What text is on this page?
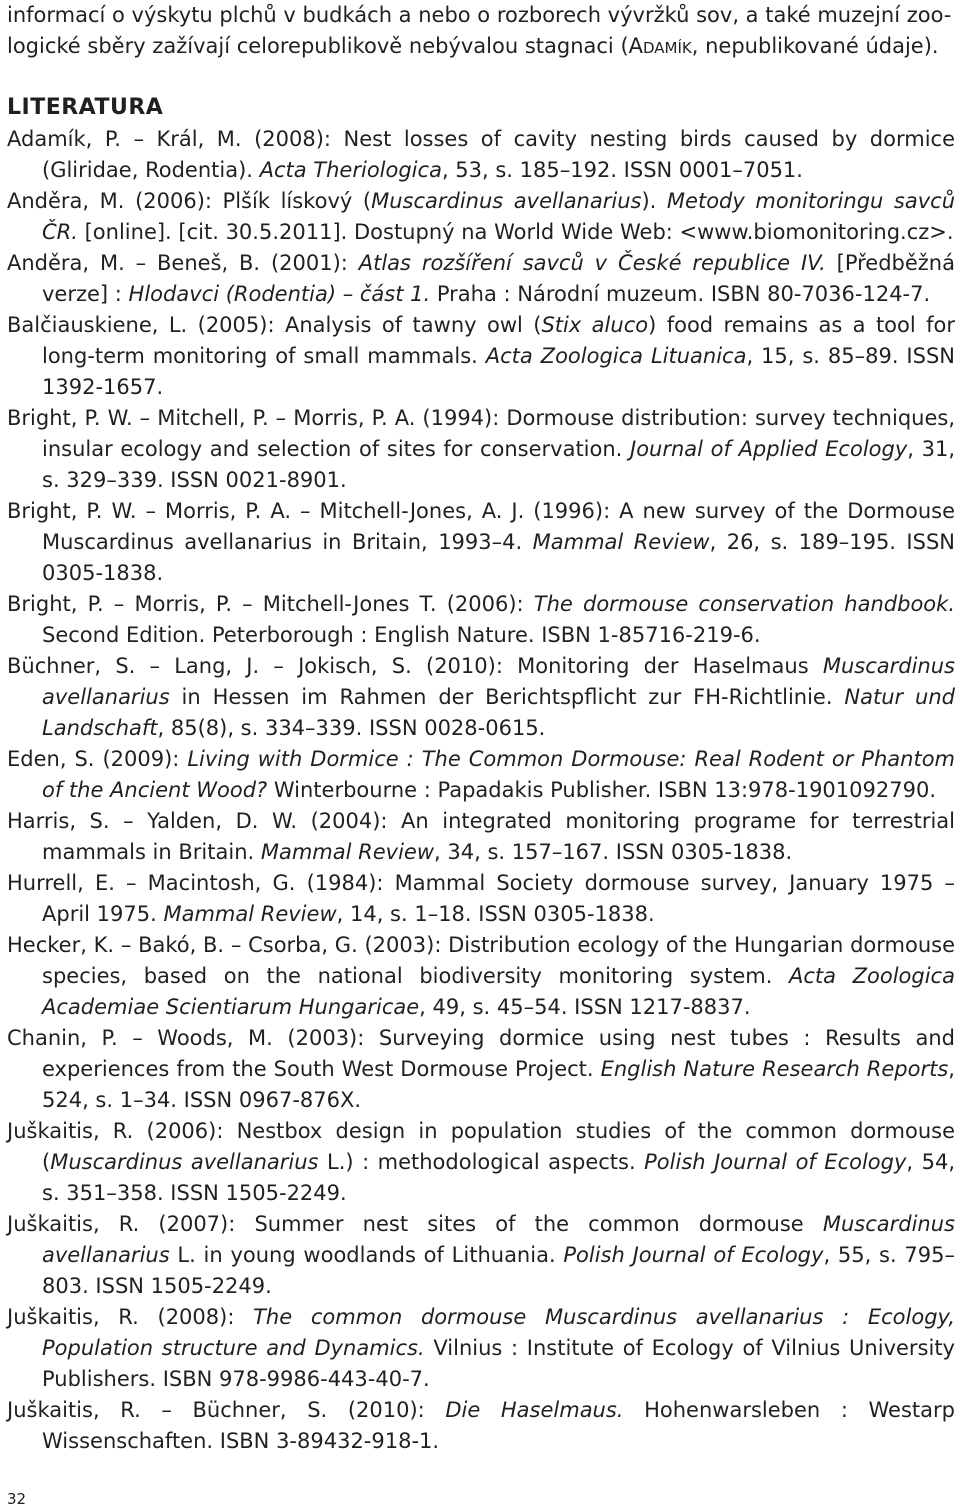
informací o výskytu plchů v budkách a nebo o rozborech vývržků sov, a také muzejní zoo-
logické sběry zažívají celorepublikově nebývalou stagnaci (Adamík, nepublikované údaje).

LITERATURA
Adamík, P. – Král, M. (2008): Nest losses of cavity nesting birds caused by dormice (Gliridae, Rodentia). Acta Theriologica, 53, s. 185–192. ISSN 0001–7051.
Anděra, M. (2006): Plšík lískový (Muscardinus avellanarius). Metody monitoringu savců ČR. [online]. [cit. 30.5.2011]. Dostupný na World Wide Web: <www.biomonitoring.cz>.
Anděra, M. – Beneš, B. (2001): Atlas rozšíření savců v České republice IV. [Předběžná verze] : Hlodavci (Rodentia) – část 1. Praha : Národní muzeum. ISBN 80-7036-124-7.
Balčiauskiene, L. (2005): Analysis of tawny owl (Stix aluco) food remains as a tool for long-term monitoring of small mammals. Acta Zoologica Lituanica, 15, s. 85–89. ISSN 1392-1657.
Bright, P. W. – Mitchell, P. – Morris, P. A. (1994): Dormouse distribution: survey techniques, insular ecology and selection of sites for conservation. Journal of Applied Ecology, 31, s. 329–339. ISSN 0021-8901.
Bright, P. W. – Morris, P. A. – Mitchell-Jones, A. J. (1996): A new survey of the Dormouse Muscardinus avellanarius in Britain, 1993–4. Mammal Review, 26, s. 189–195. ISSN 0305-1838.
Bright, P. – Morris, P. – Mitchell-Jones T. (2006): The dormouse conservation handbook. Second Edition. Peterborough : English Nature. ISBN 1-85716-219-6.
Büchner, S. – Lang, J. – Jokisch, S. (2010): Monitoring der Haselmaus Muscardinus avellanarius in Hessen im Rahmen der Berichtspflicht zur FH-Richtlinie. Natur und Landschaft, 85(8), s. 334–339. ISSN 0028-0615.
Eden, S. (2009): Living with Dormice : The Common Dormouse: Real Rodent or Phantom of the Ancient Wood? Winterbourne : Papadakis Publisher. ISBN 13:978-1901092790.
Harris, S. – Yalden, D. W. (2004): An integrated monitoring programe for terrestrial mammals in Britain. Mammal Review, 34, s. 157–167. ISSN 0305-1838.
Hurrell, E. – Macintosh, G. (1984): Mammal Society dormouse survey, January 1975 – April 1975. Mammal Review, 14, s. 1–18. ISSN 0305-1838.
Hecker, K. – Bakó, B. – Csorba, G. (2003): Distribution ecology of the Hungarian dormouse species, based on the national biodiversity monitoring system. Acta Zoologica Academiae Scientiarum Hungaricae, 49, s. 45–54. ISSN 1217-8837.
Chanin, P. – Woods, M. (2003): Surveying dormice using nest tubes : Results and experiences from the South West Dormouse Project. English Nature Research Reports, 524, s. 1–34. ISSN 0967-876X.
Juškaitis, R. (2006): Nestbox design in population studies of the common dormouse (Muscardinus avellanarius L.) : methodological aspects. Polish Journal of Ecology, 54, s. 351–358. ISSN 1505-2249.
Juškaitis, R. (2007): Summer nest sites of the common dormouse Muscardinus avellanarius L. in young woodlands of Lithuania. Polish Journal of Ecology, 55, s. 795–803. ISSN 1505-2249.
Juškaitis, R. (2008): The common dormouse Muscardinus avellanarius : Ecology, Population structure and Dynamics. Vilnius : Institute of Ecology of Vilnius University Publishers. ISBN 978-9986-443-40-7.
Juškaitis, R. – Büchner, S. (2010): Die Haselmaus. Hohenwarsleben : Westarp Wissenschaften. ISBN 3-89432-918-1.
32
